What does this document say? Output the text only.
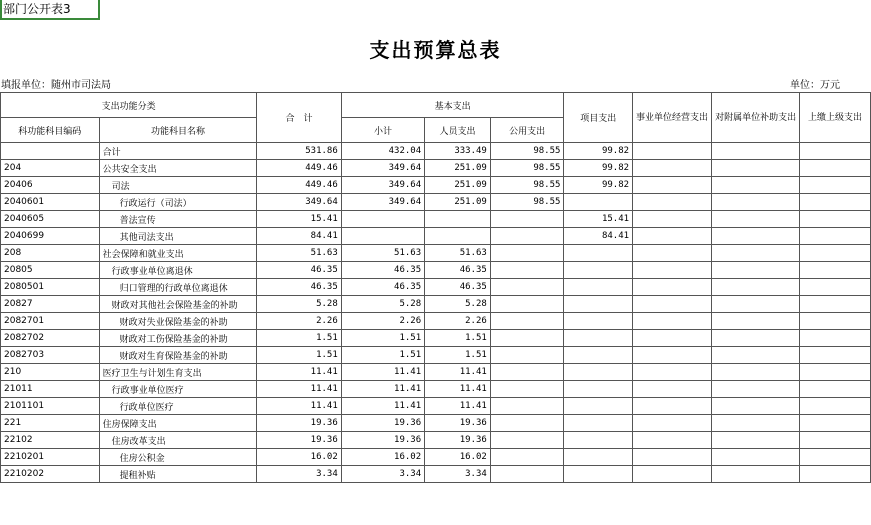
部门公开表3
支出预算总表
填报单位：随州市司法局	单位：万元
支出功能分类		合　计	基本支出			项目支出	事业单位经营支出	对附属单位补助支出	上缴上级支出
科功能科目编码	功能科目名称		小计	人员支出	公用支出				
	合计	531.86	432.04	333.49	98.55	99.82			
204	公共安全支出	449.46	349.64	251.09	98.55	99.82			
20406	司法	449.46	349.64	251.09	98.55	99.82			
2040601	行政运行（司法）	349.64	349.64	251.09	98.55				
2040605	普法宣传	15.41				15.41			
2040699	其他司法支出	84.41				84.41			
208	社会保障和就业支出	51.63	51.63	51.63					
20805	行政事业单位离退休	46.35	46.35	46.35					
2080501	归口管理的行政单位离退休	46.35	46.35	46.35					
20827	财政对其他社会保险基金的补助	5.28	5.28	5.28					
2082701	财政对失业保险基金的补助	2.26	2.26	2.26					
2082702	财政对工伤保险基金的补助	1.51	1.51	1.51					
2082703	财政对生育保险基金的补助	1.51	1.51	1.51					
210	医疗卫生与计划生育支出	11.41	11.41	11.41					
21011	行政事业单位医疗	11.41	11.41	11.41					
2101101	行政单位医疗	11.41	11.41	11.41					
221	住房保障支出	19.36	19.36	19.36					
22102	住房改革支出	19.36	19.36	19.36					
2210201	住房公积金	16.02	16.02	16.02					
2210202	提租补贴	3.34	3.34	3.34					
